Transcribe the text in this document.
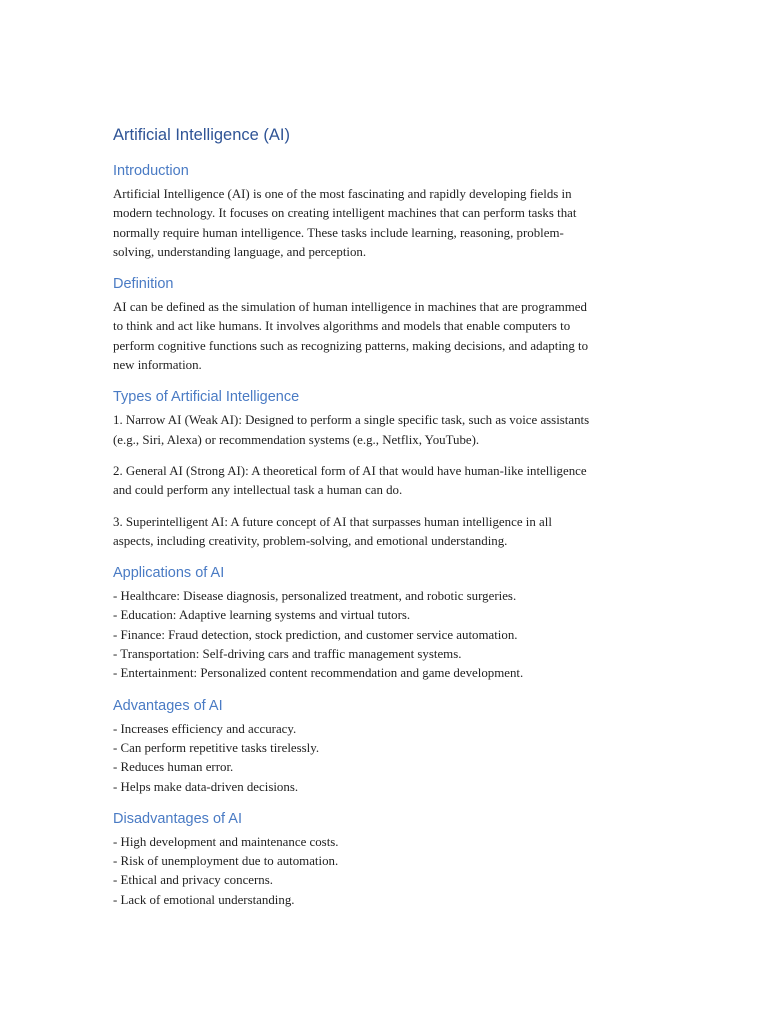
Artificial Intelligence (AI)
Introduction
Artificial Intelligence (AI) is one of the most fascinating and rapidly developing fields in
modern technology. It focuses on creating intelligent machines that can perform tasks that
normally require human intelligence. These tasks include learning, reasoning, problem-
solving, understanding language, and perception.
Definition
AI can be defined as the simulation of human intelligence in machines that are programmed
to think and act like humans. It involves algorithms and models that enable computers to
perform cognitive functions such as recognizing patterns, making decisions, and adapting to
new information.
Types of Artificial Intelligence
1. Narrow AI (Weak AI): Designed to perform a single specific task, such as voice assistants
(e.g., Siri, Alexa) or recommendation systems (e.g., Netflix, YouTube).
2. General AI (Strong AI): A theoretical form of AI that would have human-like intelligence
and could perform any intellectual task a human can do.
3. Superintelligent AI: A future concept of AI that surpasses human intelligence in all
aspects, including creativity, problem-solving, and emotional understanding.
Applications of AI
- Healthcare: Disease diagnosis, personalized treatment, and robotic surgeries.
- Education: Adaptive learning systems and virtual tutors.
- Finance: Fraud detection, stock prediction, and customer service automation.
- Transportation: Self-driving cars and traffic management systems.
- Entertainment: Personalized content recommendation and game development.
Advantages of AI
- Increases efficiency and accuracy.
- Can perform repetitive tasks tirelessly.
- Reduces human error.
- Helps make data-driven decisions.
Disadvantages of AI
- High development and maintenance costs.
- Risk of unemployment due to automation.
- Ethical and privacy concerns.
- Lack of emotional understanding.
